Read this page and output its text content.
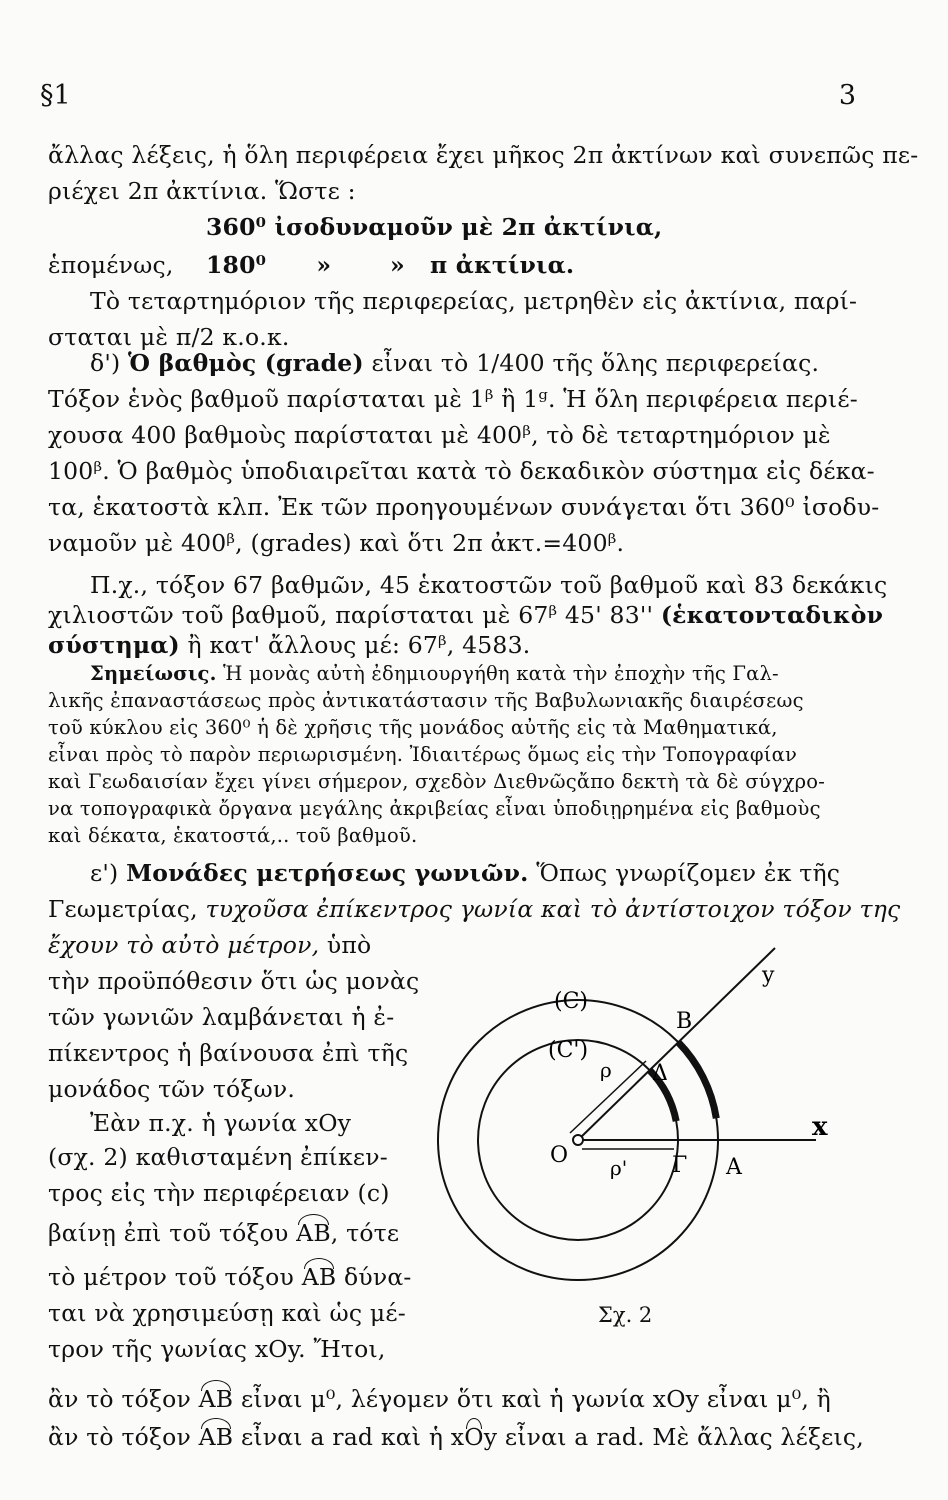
§1	3
ἄλλας λέξεις, ἡ ὅλη περιφέρεια ἔχει μῆκος 2π ἀκτίνων καὶ συνεπῶς πε-
ριέχει 2π ἀκτίνια. Ὥστε :
360⁰ ἰσοδυναμοῦν μὲ 2π ἀκτίνια,
ἑπομένως,	180⁰      »       »   π ἀκτίνια.
Τὸ τεταρτημόριον τῆς περιφερείας, μετρηθὲν εἰς ἀκτίνια, παρί-
σταται μὲ π/2 κ.ο.κ.
δ') Ὁ βαθμὸς (grade) εἶναι τὸ 1/400 τῆς ὅλης περιφερείας.
Τόξον ἑνὸς βαθμοῦ παρίσταται μὲ 1ᵝ ἢ 1ᵍ. Ἡ ὅλη περιφέρεια περιέ-
χουσα 400 βαθμοὺς παρίσταται μὲ 400ᵝ, τὸ δὲ τεταρτημόριον μὲ
100ᵝ. Ὁ βαθμὸς ὑποδιαιρεῖται κατὰ τὸ δεκαδικὸν σύστημα εἰς δέκα-
τα, ἑκατοστὰ κλπ. Ἐκ τῶν προηγουμένων συνάγεται ὅτι 360⁰ ἰσοδυ-
ναμοῦν μὲ 400ᵝ, (grades) καὶ ὅτι 2π ἀκτ.=400ᵝ.
Π.χ., τόξον 67 βαθμῶν, 45 ἑκατοστῶν τοῦ βαθμοῦ καὶ 83 δεκάκις
χιλιοστῶν τοῦ βαθμοῦ, παρίσταται μὲ 67ᵝ 45' 83'' (ἑκατονταδικὸν
σύστημα) ἢ κατ' ἄλλους μέ: 67ᵝ, 4583.
Σημείωσις. Ἡ μονὰς αὐτὴ ἐδημιουργήθη κατὰ τὴν ἐποχὴν τῆς Γαλ-
λικῆς ἐπαναστάσεως πρὸς ἀντικατάστασιν τῆς Βαβυλωνιακῆς διαιρέσεως
τοῦ κύκλου εἰς 360⁰ ἡ δὲ χρῆσις τῆς μονάδος αὐτῆς εἰς τὰ Μαθηματικά,
εἶναι πρὸς τὸ παρὸν περιωρισμένη. Ἰδιαιτέρως ὅμως εἰς τὴν Τοπογραφίαν
καὶ Γεωδαισίαν ἔχει γίνει σήμερον, σχεδὸν Διεθνῶςἄπο δεκτὴ τὰ δὲ σύγχρο-
να τοπογραφικὰ ὄργανα μεγάλης ἀκριβείας εἶναι ὑποδιῃρημένα εἰς βαθμοὺς
καὶ δέκατα, ἑκατοστά,.. τοῦ βαθμοῦ.
ε') Μονάδες μετρήσεως γωνιῶν. Ὅπως γνωρίζομεν ἐκ τῆς
Γεωμετρίας, τυχοῦσα ἐπίκεντρος γωνία καὶ τὸ ἀντίστοιχον τόξον της
ἔχουν τὸ αὐτὸ μέτρον, ὑπὸ
τὴν προϋπόθεσιν ὅτι ὡς μονὰς
τῶν γωνιῶν λαμβάνεται ἡ ἐ-
πίκεντρος ἡ βαίνουσα ἐπὶ τῆς
μονάδος τῶν τόξων.
Ἐὰν π.χ. ἡ γωνία xOy
(σχ. 2) καθισταμένη ἐπίκεν-
τρος εἰς τὴν περιφέρειαν (c)
βαίνῃ ἐπὶ τοῦ τόξου AB, τότε
τὸ μέτρον τοῦ τόξου AB δύνα-
ται νὰ χρησιμεύσῃ καὶ ὡς μέ-
τρον τῆς γωνίας xOy. Ἤτοι,
ἂν τὸ τόξον AB εἶναι μ⁰, λέγομεν ὅτι καὶ ἡ γωνία xOy εἶναι μ⁰, ἢ
ἂν τὸ τόξον AB εἶναι a rad καὶ ἡ xOy εἶναι a rad. Μὲ ἄλλας λέξεις,
(C)
(C')
B
Δ
ρ
ρ'
O	Γ A
x
y
Σχ. 2
